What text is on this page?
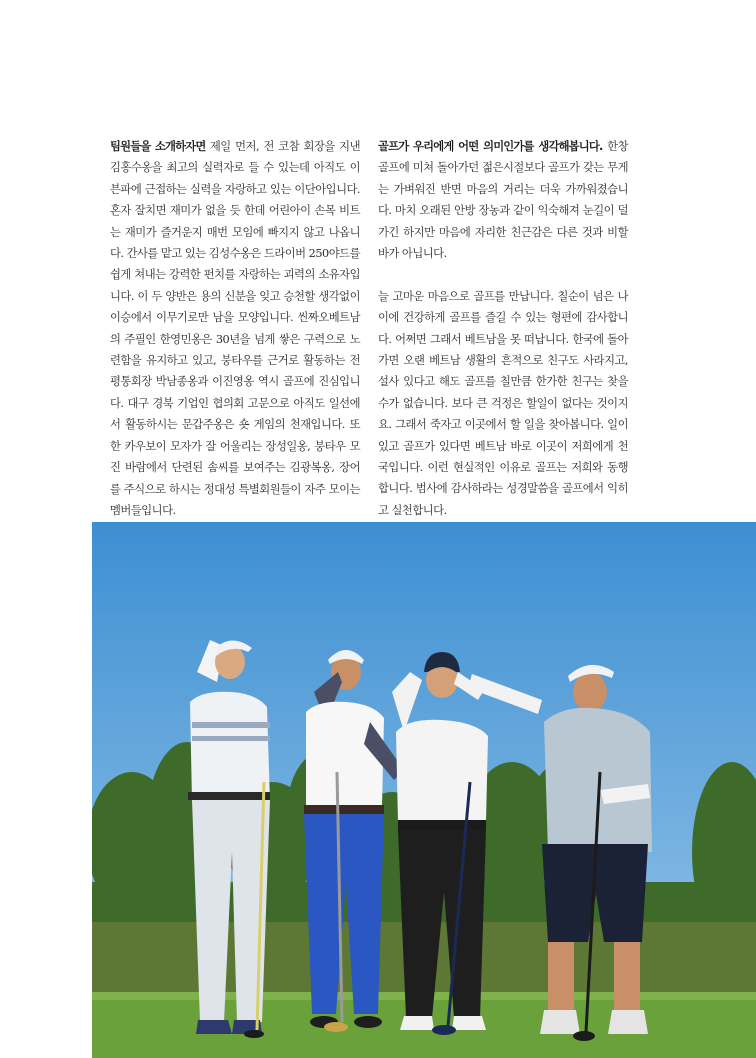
팀원들을 소개하자면 제일 먼저, 전 코참 회장을 지낸 김홍수옹을 최고의 실력자로 들 수 있는데 아직도 이븐파에 근접하는 실력을 자랑하고 있는 이단아입니다. 혼자 잘치면 재미가 없을 듯 한데 어린아이 손목 비트는 재미가 즐거운지 매번 모임에 빠지지 않고 나옵니다. 간사를 맡고 있는 김성수옹은 드라이버 250야드를 쉽게 쳐내는 강력한 펀치를 자랑하는 괴력의 소유자입니다. 이 두 양반은 용의 신분을 잊고 승천할 생각없이 이승에서 이무기로만 남을 모양입니다. 씬짜오베트남의 주필인 한영민옹은 30년을 넘게 쌓은 구력으로 노련함을 유지하고 있고, 붕타우를 근거로 활동하는 전 평통회장 박남종옹과 이진영옹 역시 골프에 진심입니다. 대구 경북 기업인 협의회 고문으로 아직도 일선에서 활동하시는 문갑주옹은 숏 게임의 천재입니다. 또한 카우보이 모자가 잘 어울리는 장성일옹, 붕타우 모진 바람에서 단련된 솜씨를 보여주는 김광복옹, 장어를 주식으로 하시는 정대성 특별회원들이 자주 모이는 멤버들입니다.

골프가 우리에게 어떤 의미인가를 생각해봅니다. 한창 골프에 미쳐 돌아가던 젊은시절보다 골프가 갖는 무게는 가벼워진 반면 마음의 거리는 더욱 가까워졌습니다. 마치 오래된 안방 장농과 같이 익숙해져 눈길이 덜 가긴 하지만 마음에 자리한 친근감은 다른 것과 비할 바가 아닙니다.

늘 고마운 마음으로 골프를 만납니다. 칠순이 넘은 나이에 건강하게 골프를 즐길 수 있는 형편에 감사합니다. 어쩌면 그래서 베트남을 못 떠납니다. 한국에 돌아가면 오랜 베트남 생활의 흔적으로 친구도 사라지고, 설사 있다고 해도 골프를 칠만큼 한가한 친구는 찾을 수가 없습니다. 보다 큰 걱정은 할일이 없다는 것이지요. 그래서 죽자고 이곳에서 할 일을 찾아봅니다. 일이 있고 골프가 있다면 베트남 바로 이곳이 저희에게 천국입니다. 이런 현실적인 이유로 골프는 저희와 동행합니다. 범사에 감사하라는 성경말씀을 골프에서 익히고 실천합니다.
